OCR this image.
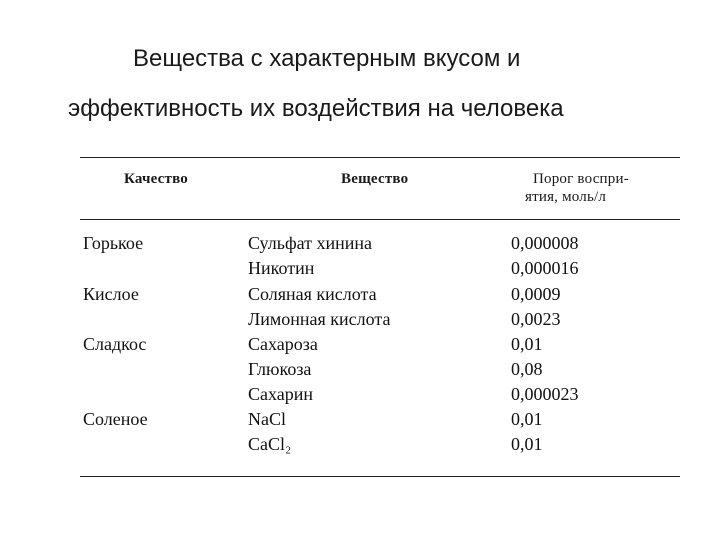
Вещества с характерным вкусом и
эффективность их воздействия на человека
Качество	Вещество	Порог воспри-
ятия, моль/л
Горькое	Сульфат хинина	0,000008
Никотин	0,000016
Кислое	Соляная кислота	0,0009
Лимонная кислота	0,0023
Сладкос	Сахароза	0,01
Глюкоза	0,08
Сахарин	0,000023
Соленое	NaCl	0,01
CaCl₂	0,01
